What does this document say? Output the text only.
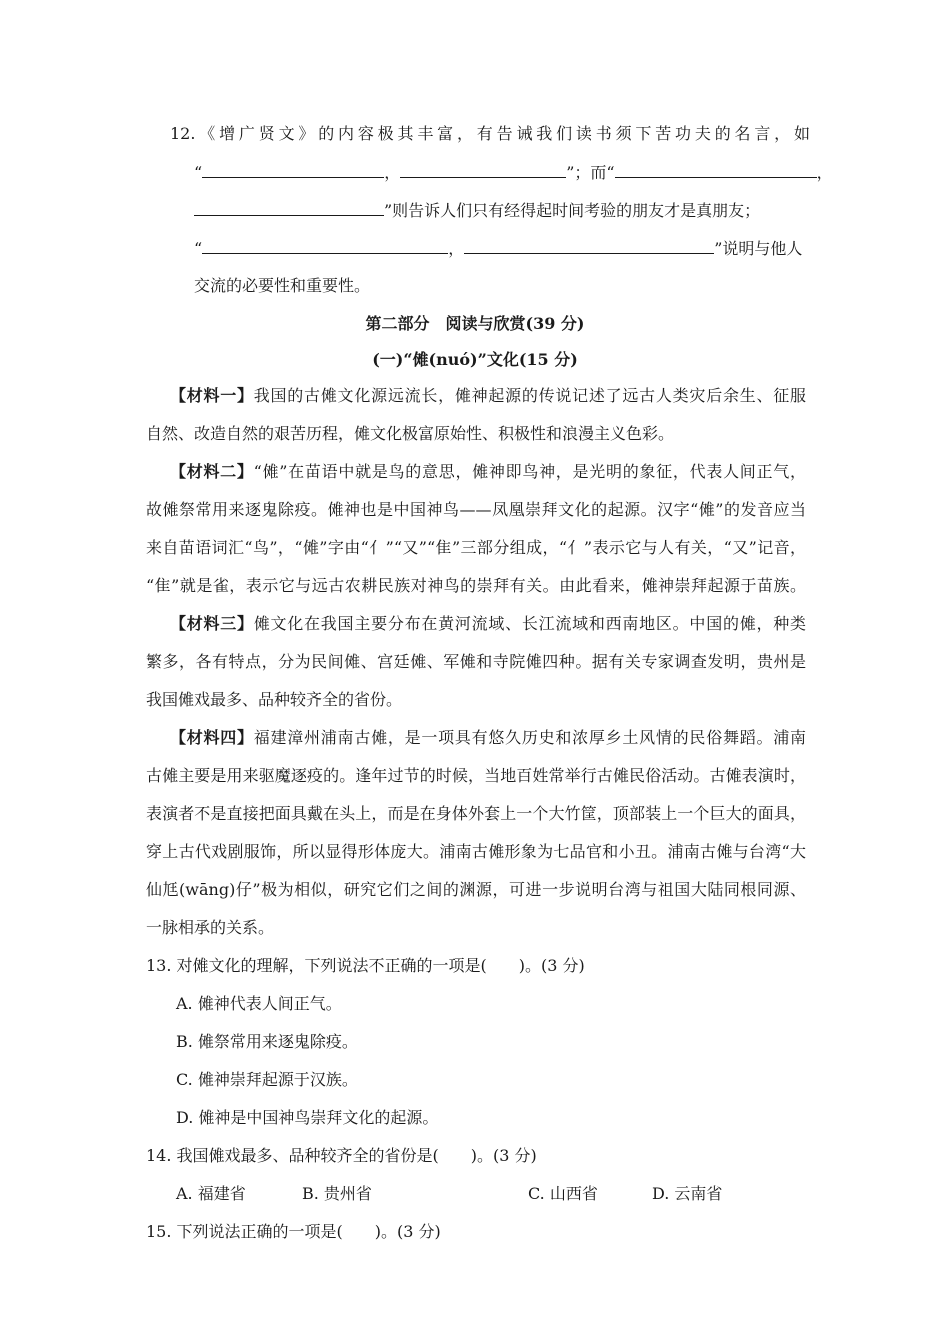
12.《增广贤文》的内容极其丰富，有告诫我们读书须下苦功夫的名言，如
“	，	”；而“	，
”则告诉人们只有经得起时间考验的朋友才是真朋友；
“	，	”说明与他人
交流的必要性和重要性。
第二部分　阅读与欣赏(39 分)
(一)“傩(nuó)”文化(15 分)
【材料一】我国的古傩文化源远流长，傩神起源的传说记述了远古人类灾后余生、征服
自然、改造自然的艰苦历程，傩文化极富原始性、积极性和浪漫主义色彩。
【材料二】“傩”在苗语中就是鸟的意思，傩神即鸟神，是光明的象征，代表人间正气，
故傩祭常用来逐鬼除疫。傩神也是中国神鸟——凤凰崇拜文化的起源。汉字“傩”的发音应当
来自苗语词汇“鸟”，“傩”字由“亻”“又”“隹”三部分组成，“亻”表示它与人有关，“又”记音，
“隹”就是雀，表示它与远古农耕民族对神鸟的崇拜有关。由此看来，傩神崇拜起源于苗族。
【材料三】傩文化在我国主要分布在黄河流域、长江流域和西南地区。中国的傩，种类
繁多，各有特点，分为民间傩、宫廷傩、军傩和寺院傩四种。据有关专家调查发明，贵州是
我国傩戏最多、品种较齐全的省份。
【材料四】福建漳州浦南古傩，是一项具有悠久历史和浓厚乡土风情的民俗舞蹈。浦南
古傩主要是用来驱魔逐疫的。逢年过节的时候，当地百姓常举行古傩民俗活动。古傩表演时，
表演者不是直接把面具戴在头上，而是在身体外套上一个大竹筐，顶部装上一个巨大的面具，
穿上古代戏剧服饰，所以显得形体庞大。浦南古傩形象为七品官和小丑。浦南古傩与台湾“大
仙尪(wāng)仔”极为相似，研究它们之间的渊源，可进一步说明台湾与祖国大陆同根同源、
一脉相承的关系。
13. 对傩文化的理解，下列说法不正确的一项是(　　)。(3 分)
A. 傩神代表人间正气。
B. 傩祭常用来逐鬼除疫。
C. 傩神崇拜起源于汉族。
D. 傩神是中国神鸟崇拜文化的起源。
14. 我国傩戏最多、品种较齐全的省份是(　　)。(3 分)
A. 福建省	B. 贵州省	C. 山西省	D. 云南省
15. 下列说法正确的一项是(　　)。(3 分)
